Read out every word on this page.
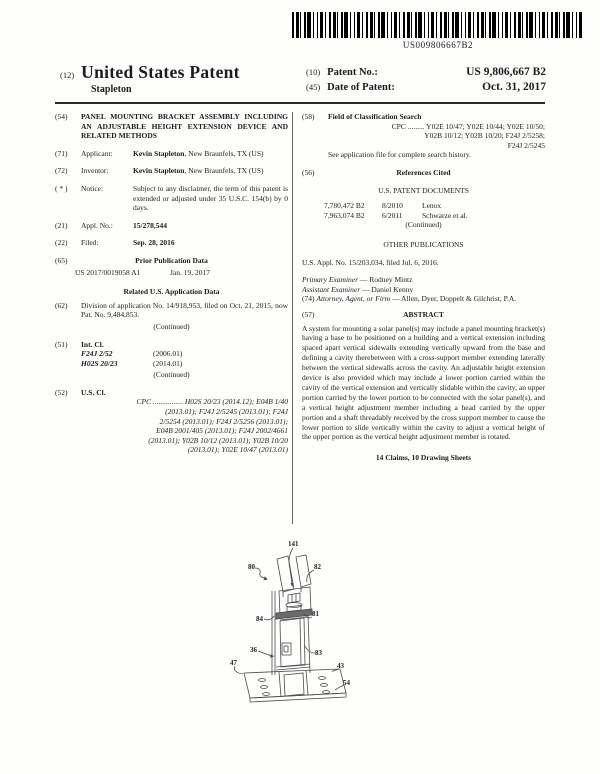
US009806667B2
(12) United States Patent
Stapleton
(10) Patent No.:	US 9,806,667 B2
(45) Date of Patent:	Oct. 31, 2017
(54)	PANEL MOUNTING BRACKET ASSEMBLY INCLUDING AN ADJUSTABLE HEIGHT EXTENSION DEVICE AND RELATED METHODS
(71)	Applicant:	Kevin Stapleton, New Braunfels, TX (US)
(72)	Inventor:	Kevin Stapleton, New Braunfels, TX (US)
( * )	Notice:	Subject to any disclaimer, the term of this patent is extended or adjusted under 35 U.S.C. 154(b) by 0 days.
(21)	Appl. No.:	15/278,544
(22)	Filed:	Sep. 28, 2016
(65)	Prior Publication Data
US 2017/0019058 A1	Jan. 19, 2017
Related U.S. Application Data
(62)	Division of application No. 14/918,953, filed on Oct. 21, 2015, now Pat. No. 9,484,853.
(Continued)
(51)	Int. Cl.
F24J 2/52	(2006.01)
H02S 20/23	(2014.01)
(Continued)
(52)	U.S. Cl.
CPC ................ H02S 20/23 (2014.12); E04B 1/40
(2013.01); F24J 2/5245 (2013.01); F24J
2/5254 (2013.01); F24J 2/5256 (2013.01);
E04B 2001/405 (2013.01); F24J 2002/4661
(2013.01); Y02B 10/12 (2013.01); Y02B 10/20
(2013.01); Y02E 10/47 (2013.01)
(58)	Field of Classification Search
CPC ......... Y02E 10/47; Y02E 10/44; Y02E 10/50;
Y02B 10/12; Y02B 10/20; F24J 2/5258;
F24J 2/5245
See application file for complete search history.
(56)	References Cited
U.S. PATENT DOCUMENTS
7,780,472 B2	8/2010	Lenox
7,963,074 B2	6/2011	Schwarze et al.
(Continued)
OTHER PUBLICATIONS
U.S. Appl. No. 15/203,034, filed Jul. 6, 2016.
Primary Examiner — Rodney Mintz
Assistant Examiner — Daniel Kenny
(74) Attorney, Agent, or Firm — Allen, Dyer, Doppelt & Gilchrist, P.A.
(57)	ABSTRACT
A system for mounting a solar panel(s) may include a panel mounting bracket(s) having a base to be positioned on a building and a vertical extension including spaced apart vertical sidewalls extending vertically upward from the base and defining a cavity therebetween with a cross-support member extending laterally between the vertical sidewalls across the cavity. An adjustable height extension device is also provided which may include a lower portion carried within the cavity of the vertical extension and vertically slidable within the cavity, an upper portion carried by the lower portion to be connected with the solar panel(s), and a vertical height adjustment member including a head carried by the upper portion and a shaft threadably received by the cross support member to cause the lower portion to slide vertically within the cavity to adjust a vertical height of the upper portion as the vertical height adjustment member is rotated.
14 Claims, 10 Drawing Sheets
141
80	82
84
81
36	83
47	43
54
